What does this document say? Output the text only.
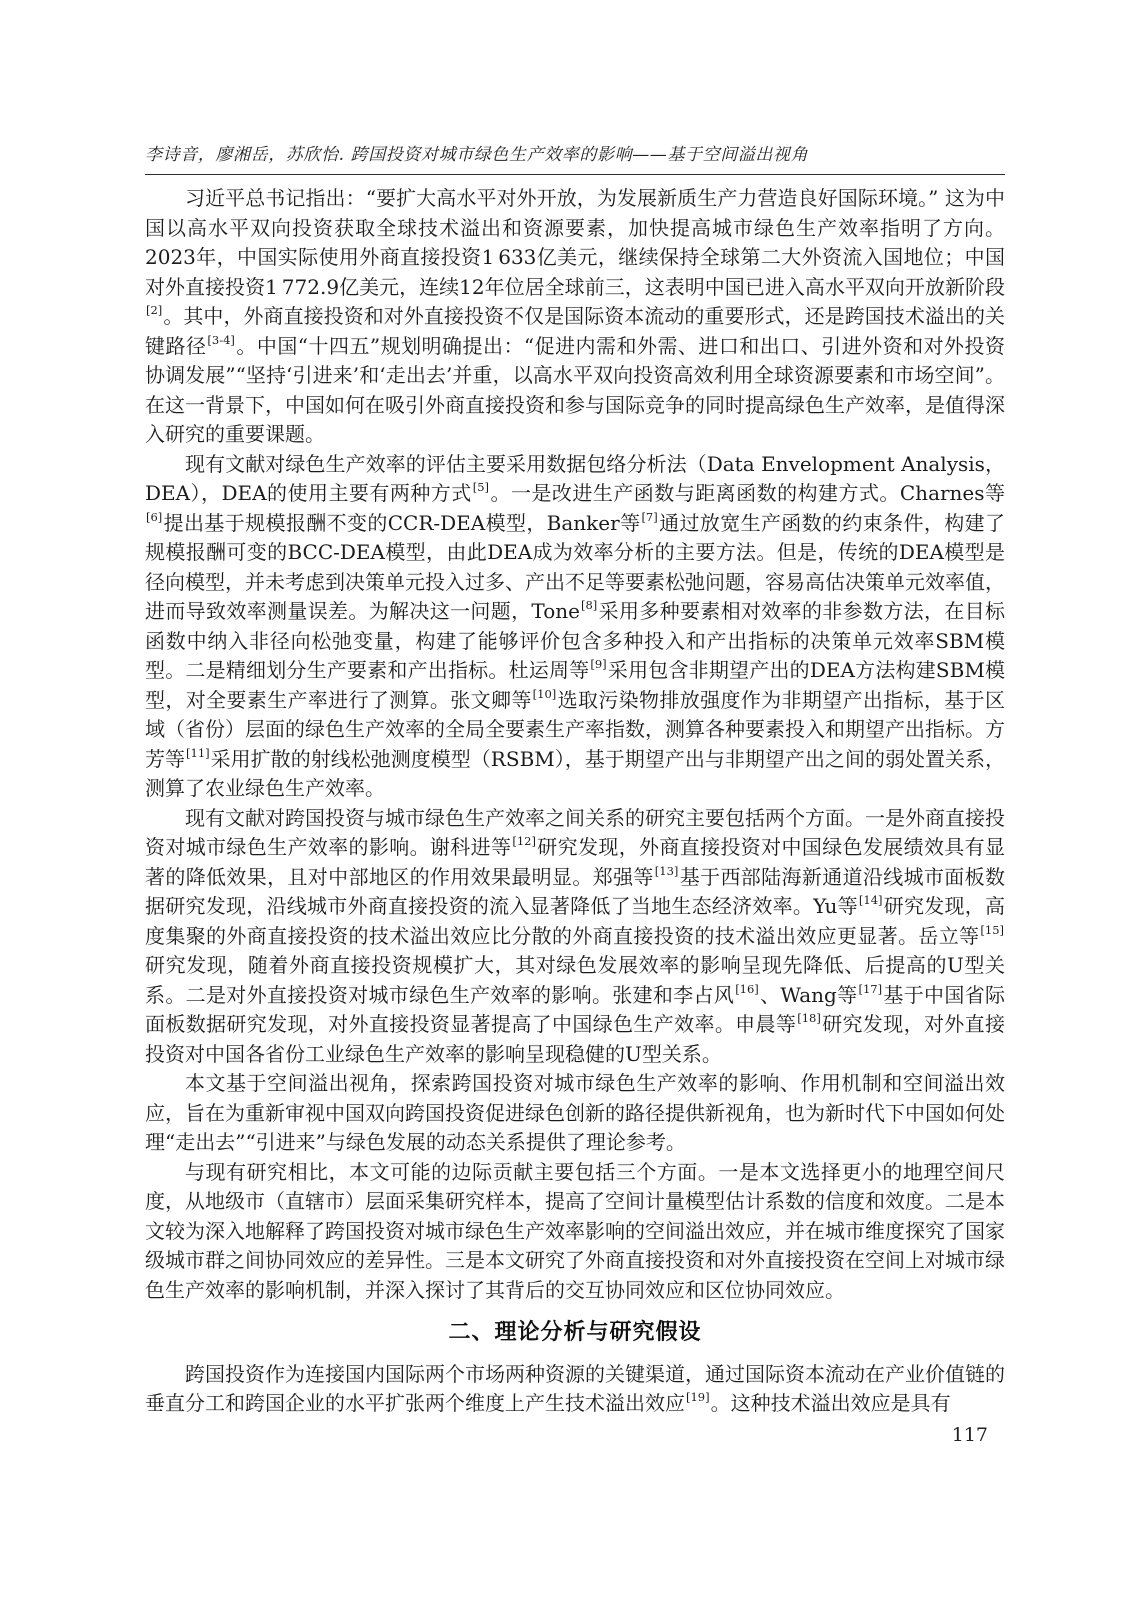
李诗音，廖湘岳，苏欣怡. 跨国投资对城市绿色生产效率的影响——基于空间溢出视角

习近平总书记指出：“要扩大高水平对外开放，为发展新质生产力营造良好国际环境。” 这为中国以高水平双向投资获取全球技术溢出和资源要素，加快提高城市绿色生产效率指明了方向。2023年，中国实际使用外商直接投资1 633亿美元，继续保持全球第二大外资流入国地位；中国对外直接投资1 772.9亿美元，连续12年位居全球前三，这表明中国已进入高水平双向开放新阶段[2]。其中，外商直接投资和对外直接投资不仅是国际资本流动的重要形式，还是跨国技术溢出的关键路径[3-4]。中国“十四五”规划明确提出：“促进内需和外需、进口和出口、引进外资和对外投资协调发展”“坚持‘引进来’和‘走出去’并重，以高水平双向投资高效利用全球资源要素和市场空间”。在这一背景下，中国如何在吸引外商直接投资和参与国际竞争的同时提高绿色生产效率，是值得深入研究的重要课题。

现有文献对绿色生产效率的评估主要采用数据包络分析法（Data Envelopment Analysis，DEA），DEA的使用主要有两种方式[5]。一是改进生产函数与距离函数的构建方式。Charnes等[6]提出基于规模报酬不变的CCR-DEA模型，Banker等[7]通过放宽生产函数的约束条件，构建了规模报酬可变的BCC-DEA模型，由此DEA成为效率分析的主要方法。但是，传统的DEA模型是径向模型，并未考虑到决策单元投入过多、产出不足等要素松弛问题，容易高估决策单元效率值，进而导致效率测量误差。为解决这一问题，Tone[8]采用多种要素相对效率的非参数方法，在目标函数中纳入非径向松弛变量，构建了能够评价包含多种投入和产出指标的决策单元效率SBM模型。二是精细划分生产要素和产出指标。杜运周等[9]采用包含非期望产出的DEA方法构建SBM模型，对全要素生产率进行了测算。张文卿等[10]选取污染物排放强度作为非期望产出指标，基于区域（省份）层面的绿色生产效率的全局全要素生产率指数，测算各种要素投入和期望产出指标。方芳等[11]采用扩散的射线松弛测度模型（RSBM），基于期望产出与非期望产出之间的弱处置关系，测算了农业绿色生产效率。

现有文献对跨国投资与城市绿色生产效率之间关系的研究主要包括两个方面。一是外商直接投资对城市绿色生产效率的影响。谢科进等[12]研究发现，外商直接投资对中国绿色发展绩效具有显著的降低效果，且对中部地区的作用效果最明显。郑强等[13]基于西部陆海新通道沿线城市面板数据研究发现，沿线城市外商直接投资的流入显著降低了当地生态经济效率。Yu等[14]研究发现，高度集聚的外商直接投资的技术溢出效应比分散的外商直接投资的技术溢出效应更显著。岳立等[15]研究发现，随着外商直接投资规模扩大，其对绿色发展效率的影响呈现先降低、后提高的U型关系。二是对外直接投资对城市绿色生产效率的影响。张建和李占风[16]、Wang等[17]基于中国省际面板数据研究发现，对外直接投资显著提高了中国绿色生产效率。申晨等[18]研究发现，对外直接投资对中国各省份工业绿色生产效率的影响呈现稳健的U型关系。

本文基于空间溢出视角，探索跨国投资对城市绿色生产效率的影响、作用机制和空间溢出效应，旨在为重新审视中国双向跨国投资促进绿色创新的路径提供新视角，也为新时代下中国如何处理“走出去”“引进来”与绿色发展的动态关系提供了理论参考。

与现有研究相比，本文可能的边际贡献主要包括三个方面。一是本文选择更小的地理空间尺度，从地级市（直辖市）层面采集研究样本，提高了空间计量模型估计系数的信度和效度。二是本文较为深入地解释了跨国投资对城市绿色生产效率影响的空间溢出效应，并在城市维度探究了国家级城市群之间协同效应的差异性。三是本文研究了外商直接投资和对外直接投资在空间上对城市绿色生产效率的影响机制，并深入探讨了其背后的交互协同效应和区位协同效应。

二、理论分析与研究假设

跨国投资作为连接国内国际两个市场两种资源的关键渠道，通过国际资本流动在产业价值链的垂直分工和跨国企业的水平扩张两个维度上产生技术溢出效应[19]。这种技术溢出效应是具有

117
